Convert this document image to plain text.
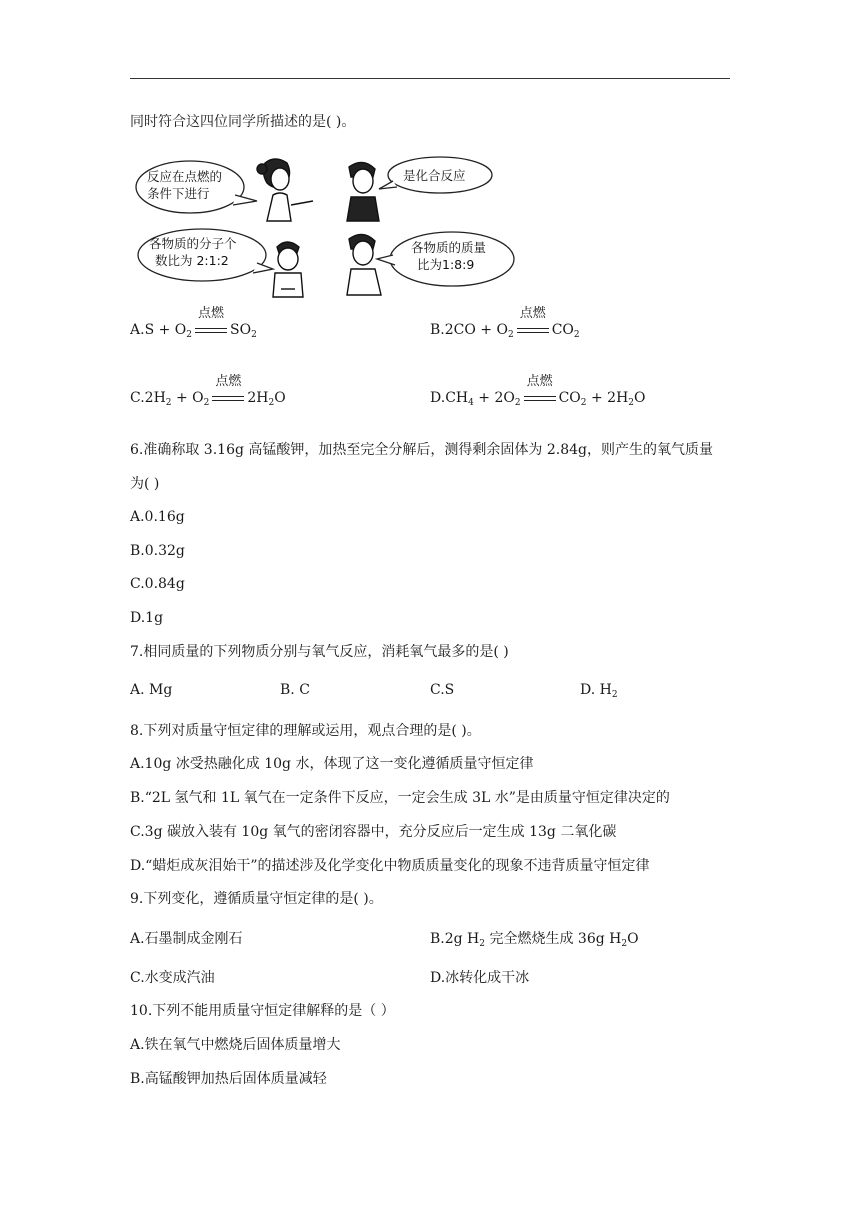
同时符合这四位同学所描述的是( )。
反应在点燃的
条件下进行
是化合反应
各物质的分子个
数比为 2:1:2
各物质的质量
比为1:8:9
$A.S + O_2$
点燃
$SO_2$	$B.2CO + O_2$
点燃
$CO_2$
$C.2H_2 + O_2$
点燃
$2H_2O$	$D.CH_4 + 2O_2$
点燃
$CO_2 + 2H_2O$
6.准确称取 3.16g 高锰酸钾，加热至完全分解后，测得剩余固体为 2.84g，则产生的氧气质量
为( )
A.0.16g
B.0.32g
C.0.84g
D.1g
7.相同质量的下列物质分别与氧气反应，消耗氧气最多的是( )
A. Mg	B. C	C.S	D. $H_2$
8.下列对质量守恒定律的理解或运用，观点合理的是( )。
A.10g 冰受热融化成 10g 水，体现了这一变化遵循质量守恒定律
B.“2L 氢气和 1L 氧气在一定条件下反应，一定会生成 3L 水”是由质量守恒定律决定的
C.3g 碳放入装有 10g 氧气的密闭容器中，充分反应后一定生成 13g 二氧化碳
D.“蜡炬成灰泪始干”的描述涉及化学变化中物质质量变化的现象不违背质量守恒定律
9.下列变化，遵循质量守恒定律的是( )。
A.石墨制成金刚石	B.2g $H_2$ 完全燃烧生成 36g $H_2O$
C.水变成汽油	D.冰转化成干冰
10.下列不能用质量守恒定律解释的是（ ）
A.铁在氧气中燃烧后固体质量增大
B.高锰酸钾加热后固体质量减轻
